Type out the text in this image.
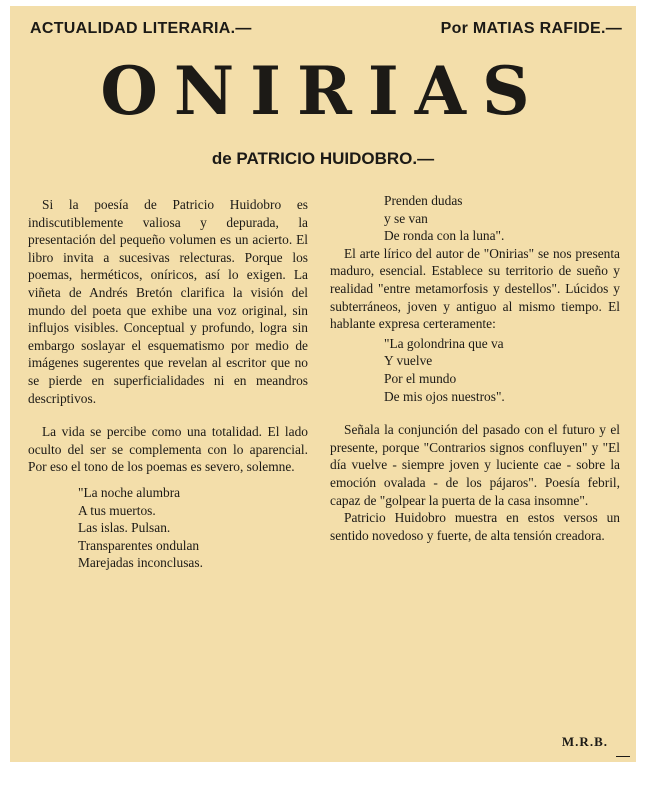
ACTUALIDAD LITERARIA.—	Por MATIAS RAFIDE.—
ONIRIAS
de PATRICIO HUIDOBRO.—

Si la poesía de Patricio Huidobro es indiscutiblemente valiosa y depurada, la presentación del pequeño volumen es un acierto. El libro invita a sucesivas relecturas. Porque los poemas, herméticos, oníricos, así lo exigen. La viñeta de Andrés Bretón clarifica la visión del mundo del poeta que exhibe una voz original, sin influjos visibles. Conceptual y profundo, logra sin embargo soslayar el esquematismo por medio de imágenes sugerentes que revelan al escritor que no se pierde en superficialidades ni en meandros descriptivos.

La vida se percibe como una totalidad. El lado oculto del ser se complementa con lo aparencial. Por eso el tono de los poemas es severo, solemne.

"La noche alumbra
A tus muertos.
Las islas. Pulsan.
Transparentes ondulan
Marejadas inconclusas.
Prenden dudas
y se van
De ronda con la luna".

El arte lírico del autor de "Onirias" se nos presenta maduro, esencial. Establece su territorio de sueño y realidad "entre metamorfosis y destellos". Lúcidos y subterráneos, joven y antiguo al mismo tiempo. El hablante expresa certeramente:

"La golondrina que va
Y vuelve
Por el mundo
De mis ojos nuestros".

Señala la conjunción del pasado con el futuro y el presente, porque "Contrarios signos confluyen" y "El día vuelve - siempre joven y luciente cae - sobre la emoción ovalada - de los pájaros". Poesía febril, capaz de "golpear la puerta de la casa insomne".

Patricio Huidobro muestra en estos versos un sentido novedoso y fuerte, de alta tensión creadora.

M.R.B.
